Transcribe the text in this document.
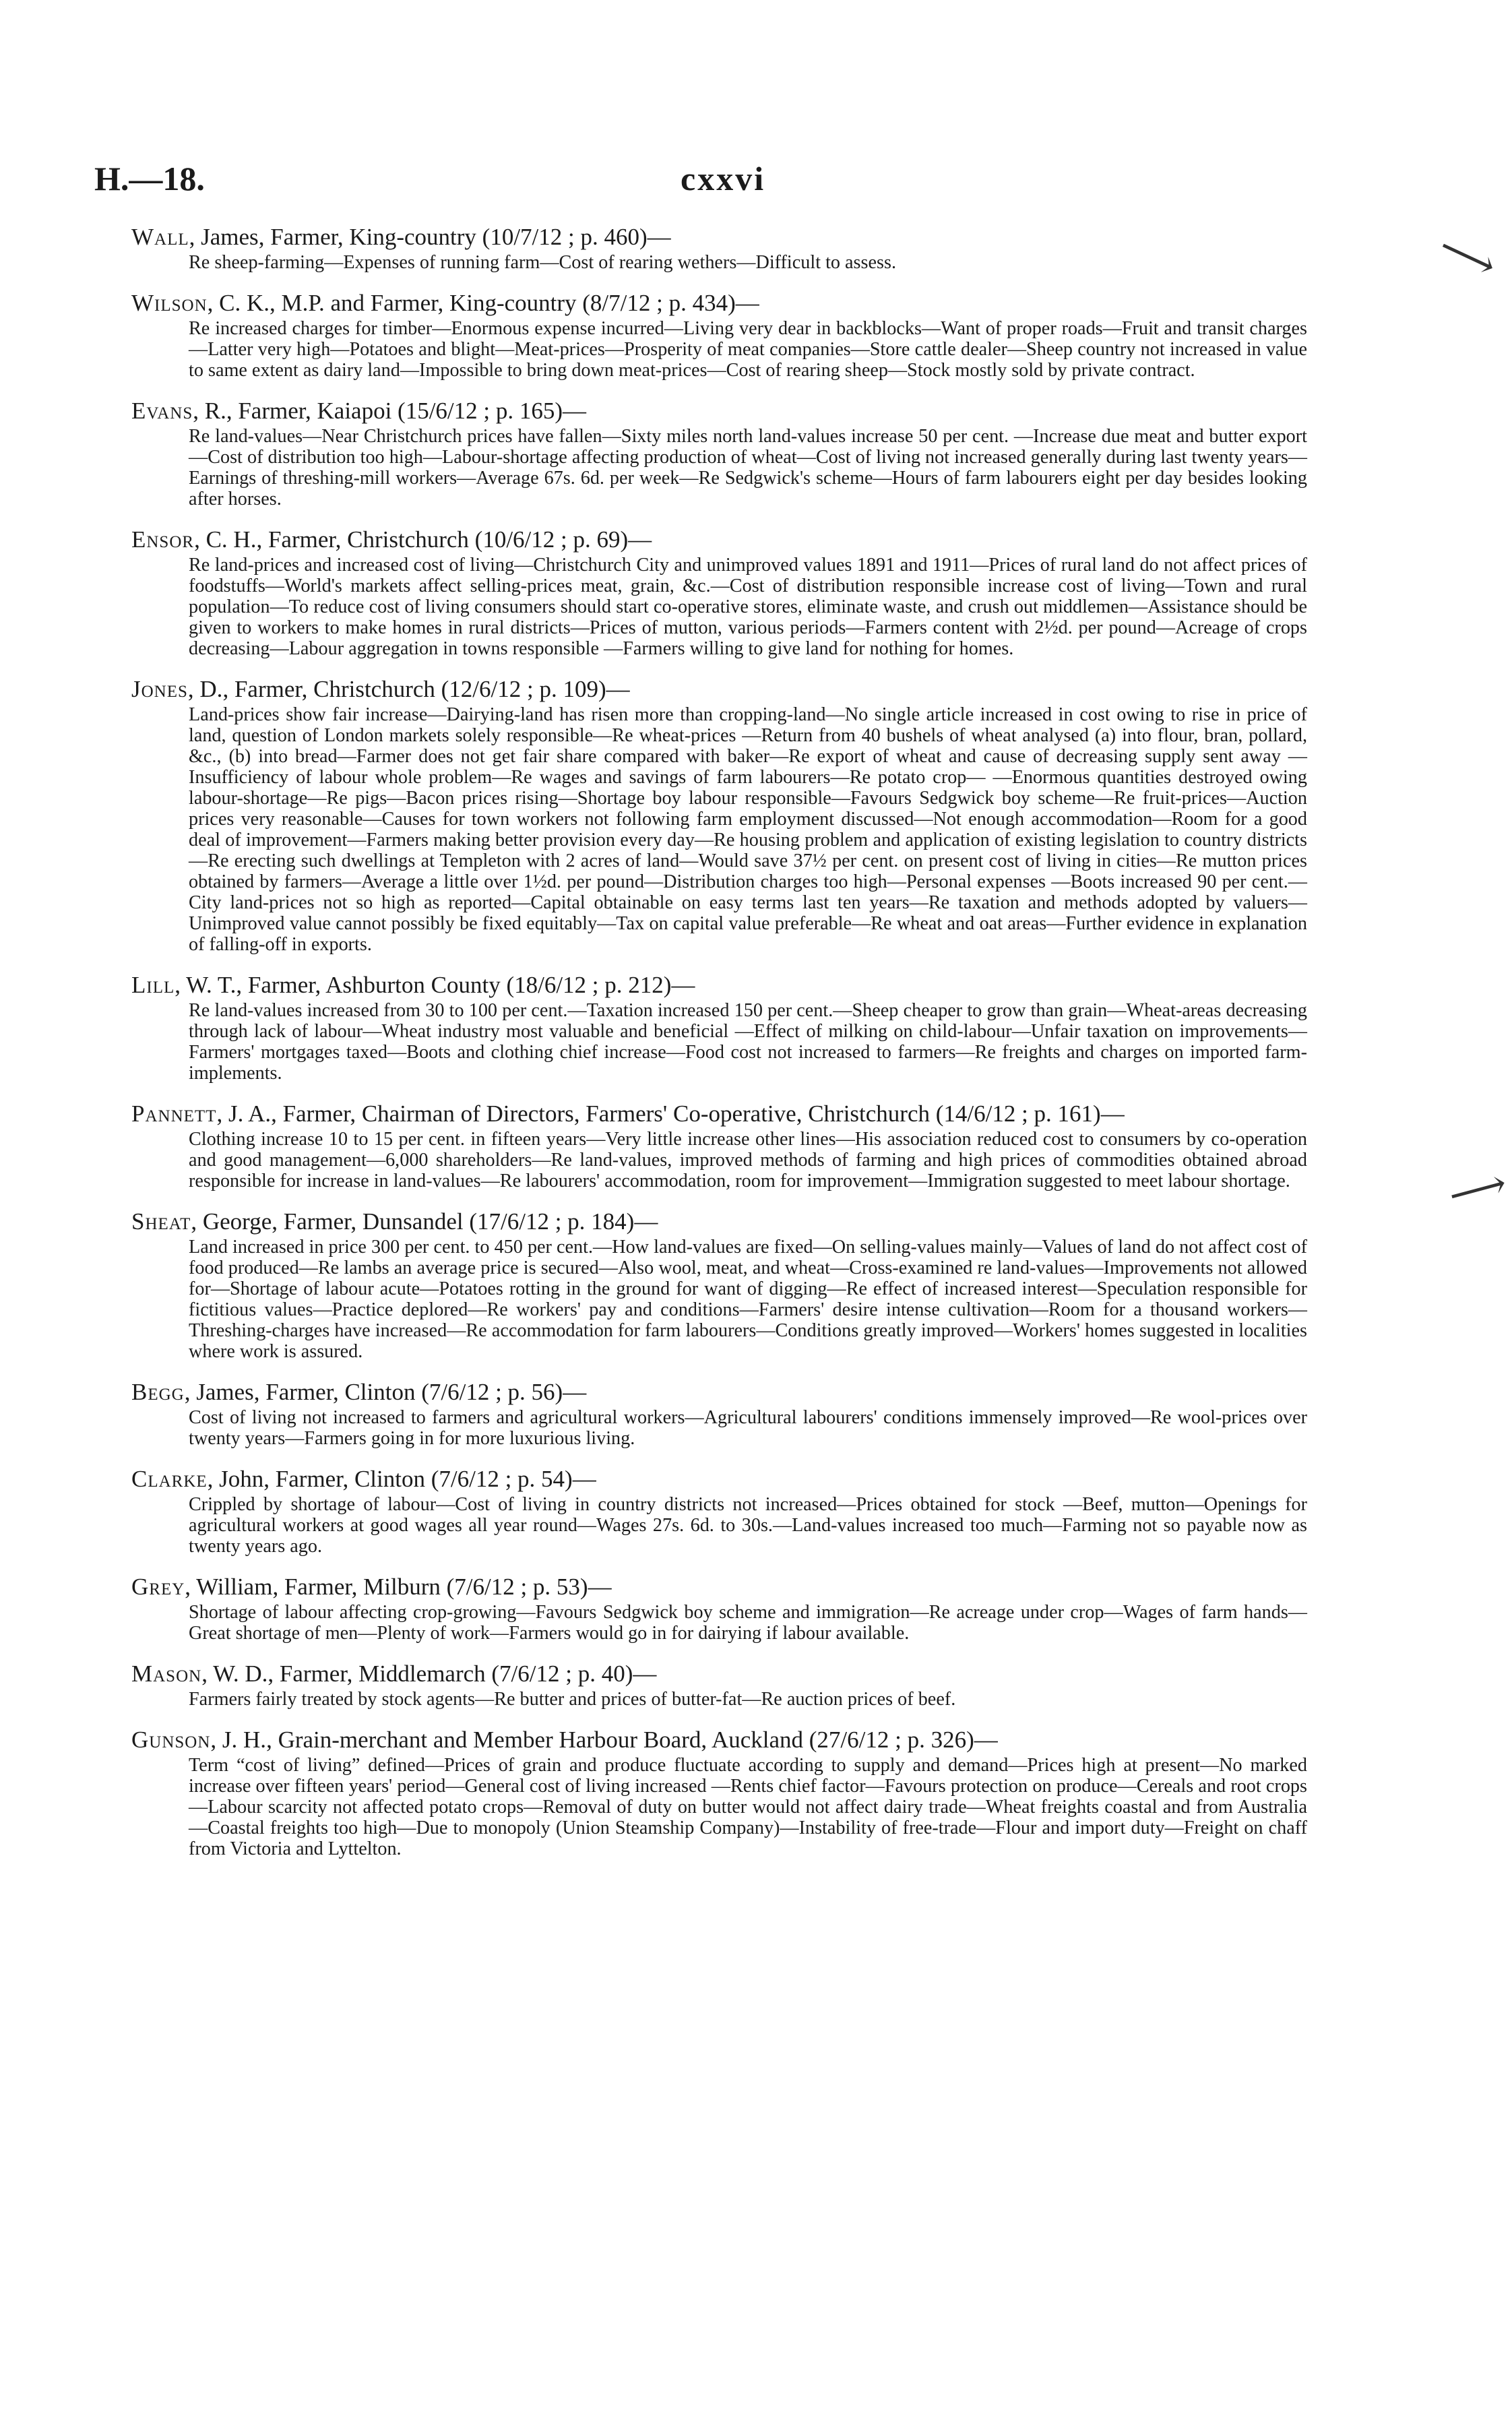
H.—18.	cxxvi
Wall, James, Farmer, King-country (10/7/12 ; p. 460)—
Re sheep-farming—Expenses of running farm—Cost of rearing wethers—Difficult to assess.
Wilson, C. K., M.P. and Farmer, King-country (8/7/12 ; p. 434)—
Re increased charges for timber—Enormous expense incurred—Living very dear in backblocks—Want of proper roads—Fruit and transit charges—Latter very high—Potatoes and blight—Meat-prices—Prosperity of meat companies—Store cattle dealer—Sheep country not increased in value to same extent as dairy land—Impossible to bring down meat-prices—Cost of rearing sheep—Stock mostly sold by private contract.
Evans, R., Farmer, Kaiapoi (15/6/12 ; p. 165)—
Re land-values—Near Christchurch prices have fallen—Sixty miles north land-values increase 50 per cent. —Increase due meat and butter export—Cost of distribution too high—Labour-shortage affecting production of wheat—Cost of living not increased generally during last twenty years—Earnings of threshing-mill workers—Average 67s. 6d. per week—Re Sedgwick's scheme—Hours of farm labourers eight per day besides looking after horses.
Ensor, C. H., Farmer, Christchurch (10/6/12 ; p. 69)—
Re land-prices and increased cost of living—Christchurch City and unimproved values 1891 and 1911—Prices of rural land do not affect prices of foodstuffs—World's markets affect selling-prices meat, grain, &c.—Cost of distribution responsible increase cost of living—Town and rural population—To reduce cost of living consumers should start co-operative stores, eliminate waste, and crush out middlemen—Assistance should be given to workers to make homes in rural districts—Prices of mutton, various periods—Farmers content with 2½d. per pound—Acreage of crops decreasing—Labour aggregation in towns responsible —Farmers willing to give land for nothing for homes.
Jones, D., Farmer, Christchurch (12/6/12 ; p. 109)—
Land-prices show fair increase—Dairying-land has risen more than cropping-land—No single article increased in cost owing to rise in price of land, question of London markets solely responsible—Re wheat-prices —Return from 40 bushels of wheat analysed (a) into flour, bran, pollard, &c., (b) into bread—Farmer does not get fair share compared with baker—Re export of wheat and cause of decreasing supply sent away —Insufficiency of labour whole problem—Re wages and savings of farm labourers—Re potato crop— —Enormous quantities destroyed owing labour-shortage—Re pigs—Bacon prices rising—Shortage boy labour responsible—Favours Sedgwick boy scheme—Re fruit-prices—Auction prices very reasonable—Causes for town workers not following farm employment discussed—Not enough accommodation—Room for a good deal of improvement—Farmers making better provision every day—Re housing problem and application of existing legislation to country districts—Re erecting such dwellings at Templeton with 2 acres of land—Would save 37½ per cent. on present cost of living in cities—Re mutton prices obtained by farmers—Average a little over 1½d. per pound—Distribution charges too high—Personal expenses —Boots increased 90 per cent.—City land-prices not so high as reported—Capital obtainable on easy terms last ten years—Re taxation and methods adopted by valuers—Unimproved value cannot possibly be fixed equitably—Tax on capital value preferable—Re wheat and oat areas—Further evidence in explanation of falling-off in exports.
Lill, W. T., Farmer, Ashburton County (18/6/12 ; p. 212)—
Re land-values increased from 30 to 100 per cent.—Taxation increased 150 per cent.—Sheep cheaper to grow than grain—Wheat-areas decreasing through lack of labour—Wheat industry most valuable and beneficial —Effect of milking on child-labour—Unfair taxation on improvements—Farmers' mortgages taxed—Boots and clothing chief increase—Food cost not increased to farmers—Re freights and charges on imported farm-implements.
Pannett, J. A., Farmer, Chairman of Directors, Farmers' Co-operative, Christchurch (14/6/12 ; p. 161)—
Clothing increase 10 to 15 per cent. in fifteen years—Very little increase other lines—His association reduced cost to consumers by co-operation and good management—6,000 shareholders—Re land-values, improved methods of farming and high prices of commodities obtained abroad responsible for increase in land-values—Re labourers' accommodation, room for improvement—Immigration suggested to meet labour shortage.
Sheat, George, Farmer, Dunsandel (17/6/12 ; p. 184)—
Land increased in price 300 per cent. to 450 per cent.—How land-values are fixed—On selling-values mainly—Values of land do not affect cost of food produced—Re lambs an average price is secured—Also wool, meat, and wheat—Cross-examined re land-values—Improvements not allowed for—Shortage of labour acute—Potatoes rotting in the ground for want of digging—Re effect of increased interest—Speculation responsible for fictitious values—Practice deplored—Re workers' pay and conditions—Farmers' desire intense cultivation—Room for a thousand workers—Threshing-charges have increased—Re accommodation for farm labourers—Conditions greatly improved—Workers' homes suggested in localities where work is assured.
Begg, James, Farmer, Clinton (7/6/12 ; p. 56)—
Cost of living not increased to farmers and agricultural workers—Agricultural labourers' conditions immensely improved—Re wool-prices over twenty years—Farmers going in for more luxurious living.
Clarke, John, Farmer, Clinton (7/6/12 ; p. 54)—
Crippled by shortage of labour—Cost of living in country districts not increased—Prices obtained for stock —Beef, mutton—Openings for agricultural workers at good wages all year round—Wages 27s. 6d. to 30s.—Land-values increased too much—Farming not so payable now as twenty years ago.
Grey, William, Farmer, Milburn (7/6/12 ; p. 53)—
Shortage of labour affecting crop-growing—Favours Sedgwick boy scheme and immigration—Re acreage under crop—Wages of farm hands—Great shortage of men—Plenty of work—Farmers would go in for dairying if labour available.
Mason, W. D., Farmer, Middlemarch (7/6/12 ; p. 40)—
Farmers fairly treated by stock agents—Re butter and prices of butter-fat—Re auction prices of beef.
Gunson, J. H., Grain-merchant and Member Harbour Board, Auckland (27/6/12 ; p. 326)—
Term “cost of living” defined—Prices of grain and produce fluctuate according to supply and demand—Prices high at present—No marked increase over fifteen years' period—General cost of living increased —Rents chief factor—Favours protection on produce—Cereals and root crops—Labour scarcity not affected potato crops—Removal of duty on butter would not affect dairy trade—Wheat freights coastal and from Australia—Coastal freights too high—Due to monopoly (Union Steamship Company)—Instability of free-trade—Flour and import duty—Freight on chaff from Victoria and Lyttelton.
⟶
⟶
